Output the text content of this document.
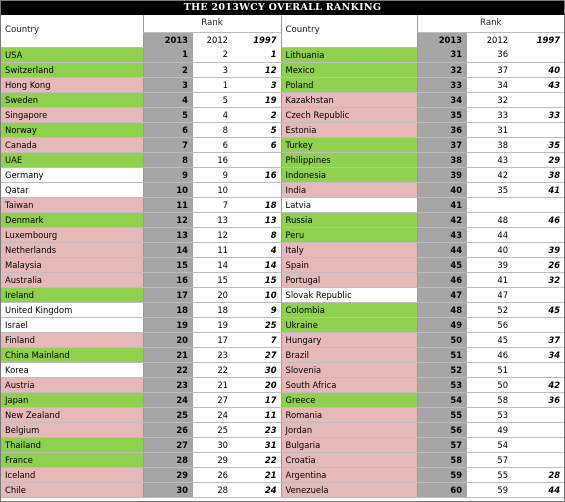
THE 2013WCY OVERALL RANKING
Country	Rank			Country	Rank		
	2013	2012	1997		2013	2012	1997
USA	1	2	1	Lithuania	31	36	
Switzerland	2	3	12	Mexico	32	37	40
Hong Kong	3	1	3	Poland	33	34	43
Sweden	4	5	19	Kazakhstan	34	32	
Singapore	5	4	2	Czech Republic	35	33	33
Norway	6	8	5	Estonia	36	31	
Canada	7	6	6	Turkey	37	38	35
UAE	8	16		Philippines	38	43	29
Germany	9	9	16	Indonesia	39	42	38
Qatar	10	10		India	40	35	41
Taiwan	11	7	18	Latvia	41		
Denmark	12	13	13	Russia	42	48	46
Luxembourg	13	12	8	Peru	43	44	
Netherlands	14	11	4	Italy	44	40	39
Malaysia	15	14	14	Spain	45	39	26
Australia	16	15	15	Portugal	46	41	32
Ireland	17	20	10	Slovak Republic	47	47	
United Kingdom	18	18	9	Colombia	48	52	45
Israel	19	19	25	Ukraine	49	56	
Finland	20	17	7	Hungary	50	45	37
China Mainland	21	23	27	Brazil	51	46	34
Korea	22	22	30	Slovenia	52	51	
Austria	23	21	20	South Africa	53	50	42
Japan	24	27	17	Greece	54	58	36
New Zealand	25	24	11	Romania	55	53	
Belgium	26	25	23	Jordan	56	49	
Thailand	27	30	31	Bulgaria	57	54	
France	28	29	22	Croatia	58	57	
Iceland	29	26	21	Argentina	59	55	28
Chile	30	28	24	Venezuela	60	59	44
